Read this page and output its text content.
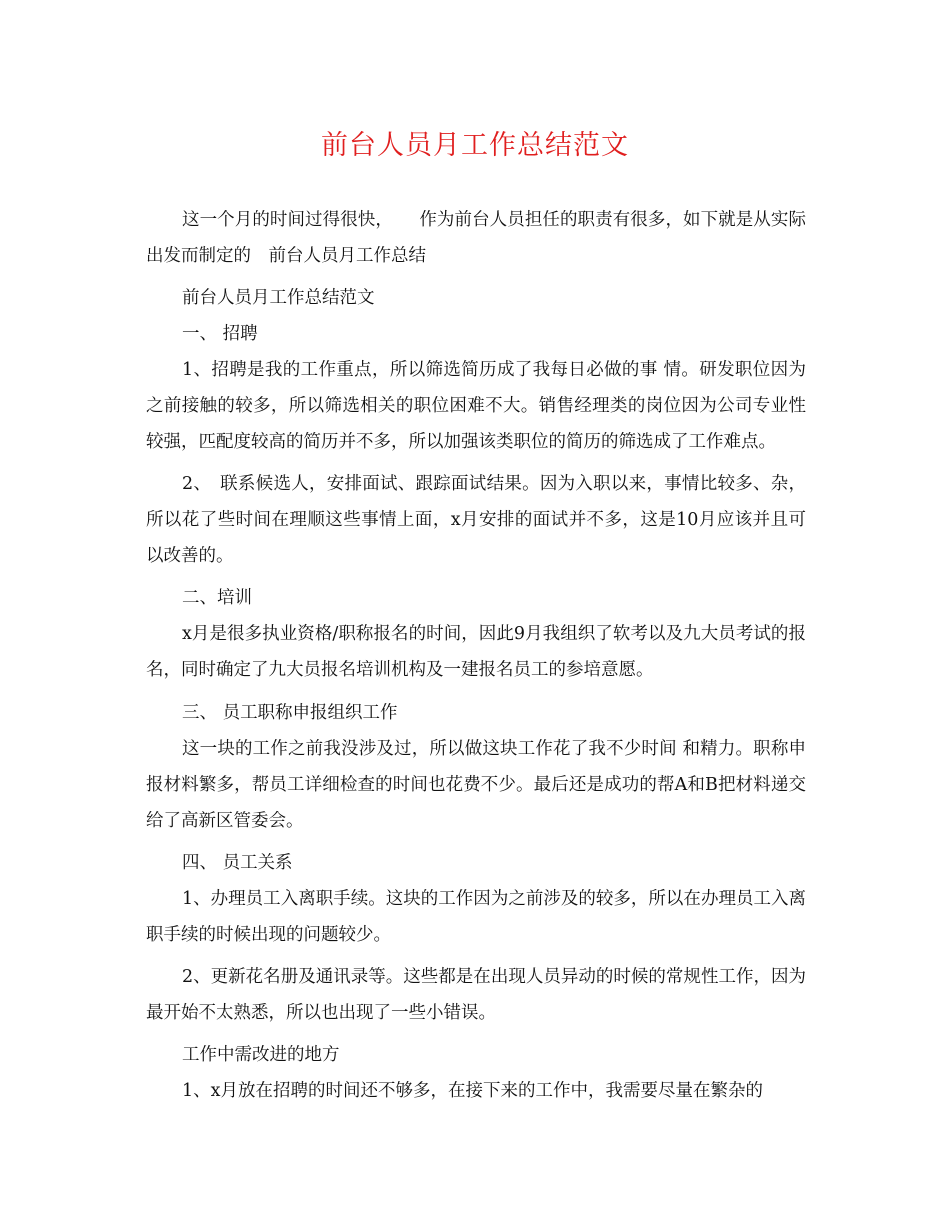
前台人员月工作总结范文

这一个月的时间过得很快，　　作为前台人员担任的职责有很多，如下就是从实际出发而制定的　前台人员月工作总结

前台人员月工作总结范文

一、 招聘

1、招聘是我的工作重点，所以筛选简历成了我每日必做的事 情。研发职位因为之前接触的较多，所以筛选相关的职位困难不大。销售经理类的岗位因为公司专业性较强，匹配度较高的简历并不多，所以加强该类职位的简历的筛选成了工作难点。

2、　联系候选人，安排面试、跟踪面试结果。因为入职以来，事情比较多、杂，所以花了些时间在理顺这些事情上面，x月安排的面试并不多，这是10月应该并且可以改善的。

二、培训

x月是很多执业资格/职称报名的时间，因此9月我组织了软考以及九大员考试的报名，同时确定了九大员报名培训机构及一建报名员工的参培意愿。

三、 员工职称申报组织工作

这一块的工作之前我没涉及过，所以做这块工作花了我不少时间 和精力。职称申报材料繁多，帮员工详细检查的时间也花费不少。最后还是成功的帮A和B把材料递交给了高新区管委会。

四、 员工关系

1、办理员工入离职手续。这块的工作因为之前涉及的较多，所以在办理员工入离职手续的时候出现的问题较少。

2、更新花名册及通讯录等。这些都是在出现人员异动的时候的常规性工作，因为最开始不太熟悉，所以也出现了一些小错误。

工作中需改进的地方

1、x月放在招聘的时间还不够多，在接下来的工作中，我需要尽量在繁杂的
